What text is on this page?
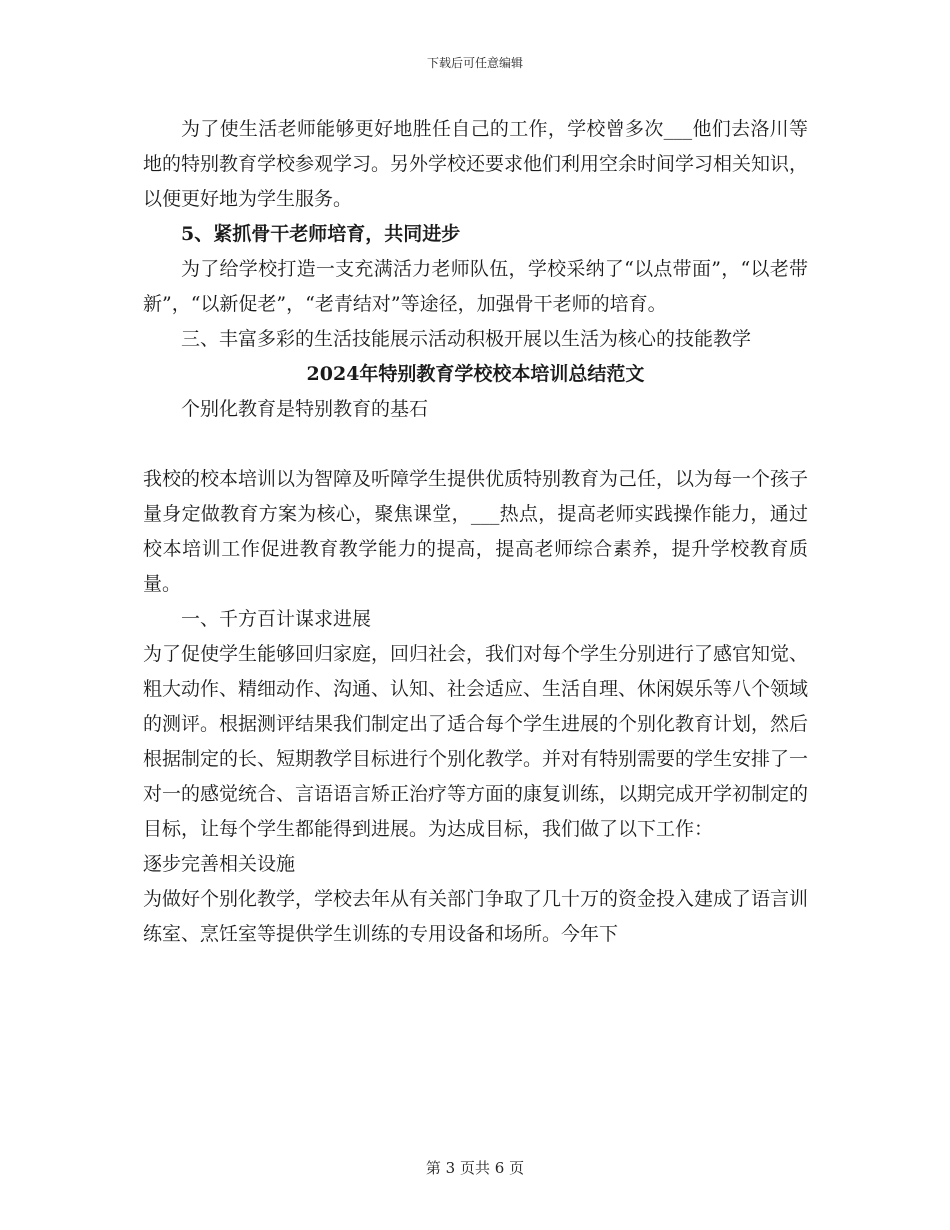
下载后可任意编辑

为了使生活老师能够更好地胜任自己的工作，学校曾多次___他们去洛川等地的特别教育学校参观学习。另外学校还要求他们利用空余时间学习相关知识，以便更好地为学生服务。

5、紧抓骨干老师培育，共同进步

为了给学校打造一支充满活力老师队伍，学校采纳了“以点带面”，“以老带新”，“以新促老”，“老青结对”等途径，加强骨干老师的培育。

三、丰富多彩的生活技能展示活动积极开展以生活为核心的技能教学

2024年特别教育学校校本培训总结范文

个别化教育是特别教育的基石

我校的校本培训以为智障及听障学生提供优质特别教育为己任，以为每一个孩子量身定做教育方案为核心，聚焦课堂，___热点，提高老师实践操作能力，通过校本培训工作促进教育教学能力的提高，提高老师综合素养，提升学校教育质量。

一、千方百计谋求进展

为了促使学生能够回归家庭，回归社会，我们对每个学生分别进行了感官知觉、粗大动作、精细动作、沟通、认知、社会适应、生活自理、休闲娱乐等八个领域的测评。根据测评结果我们制定出了适合每个学生进展的个别化教育计划，然后根据制定的长、短期教学目标进行个别化教学。并对有特别需要的学生安排了一对一的感觉统合、言语语言矫正治疗等方面的康复训练，以期完成开学初制定的目标，让每个学生都能得到进展。为达成目标，我们做了以下工作：

逐步完善相关设施

为做好个别化教学，学校去年从有关部门争取了几十万的资金投入建成了语言训练室、烹饪室等提供学生训练的专用设备和场所。今年下

第 3 页共 6 页
